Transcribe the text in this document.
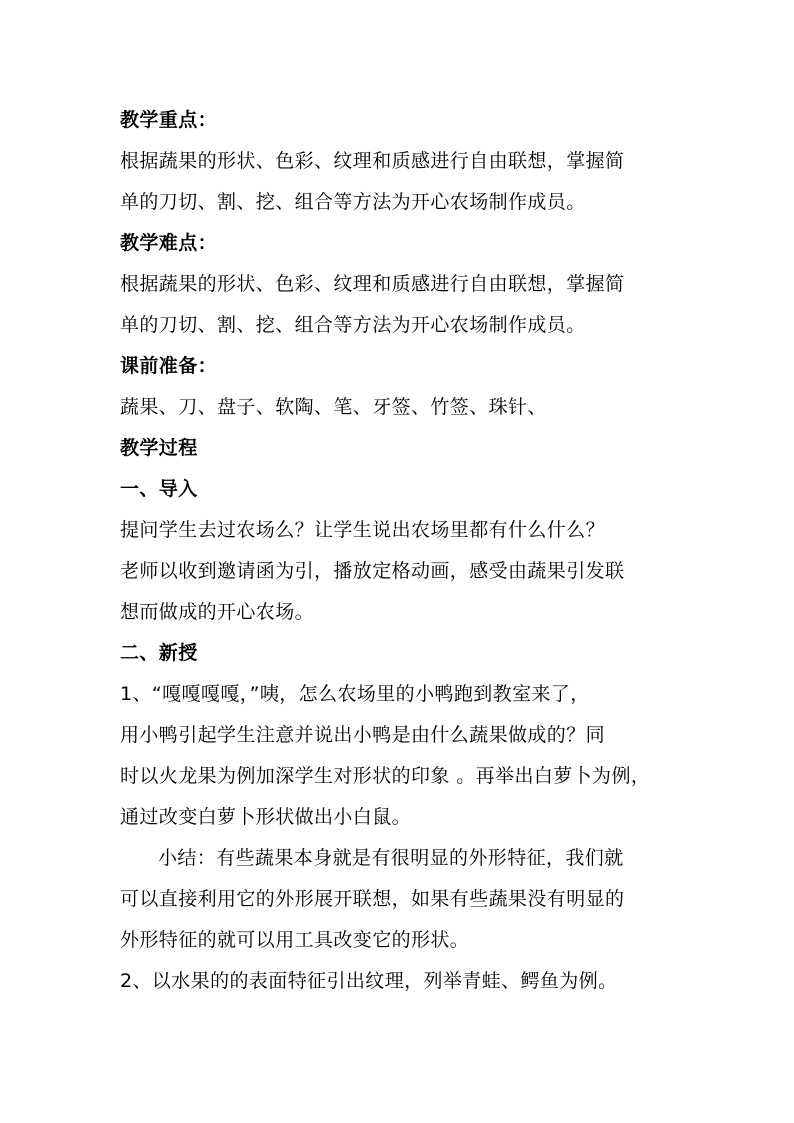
教学重点：
根据蔬果的形状、色彩、纹理和质感进行自由联想，掌握简
单的刀切、割、挖、组合等方法为开心农场制作成员。
教学难点：
根据蔬果的形状、色彩、纹理和质感进行自由联想，掌握简
单的刀切、割、挖、组合等方法为开心农场制作成员。
课前准备：
蔬果、刀、盘子、软陶、笔、牙签、竹签、珠针、
教学过程
一、导入
提问学生去过农场么？让学生说出农场里都有什么什么？
老师以收到邀请函为引，播放定格动画，感受由蔬果引发联
想而做成的开心农场。
二、新授
1、“嘎嘎嘎嘎，”咦，怎么农场里的小鸭跑到教室来了，
用小鸭引起学生注意并说出小鸭是由什么蔬果做成的？同
时以火龙果为例加深学生对形状的印象 。再举出白萝卜为例，
通过改变白萝卜形状做出小白鼠。
小结：有些蔬果本身就是有很明显的外形特征，我们就
可以直接利用它的外形展开联想，如果有些蔬果没有明显的
外形特征的就可以用工具改变它的形状。
2、以水果的的表面特征引出纹理，列举青蛙、鳄鱼为例。
